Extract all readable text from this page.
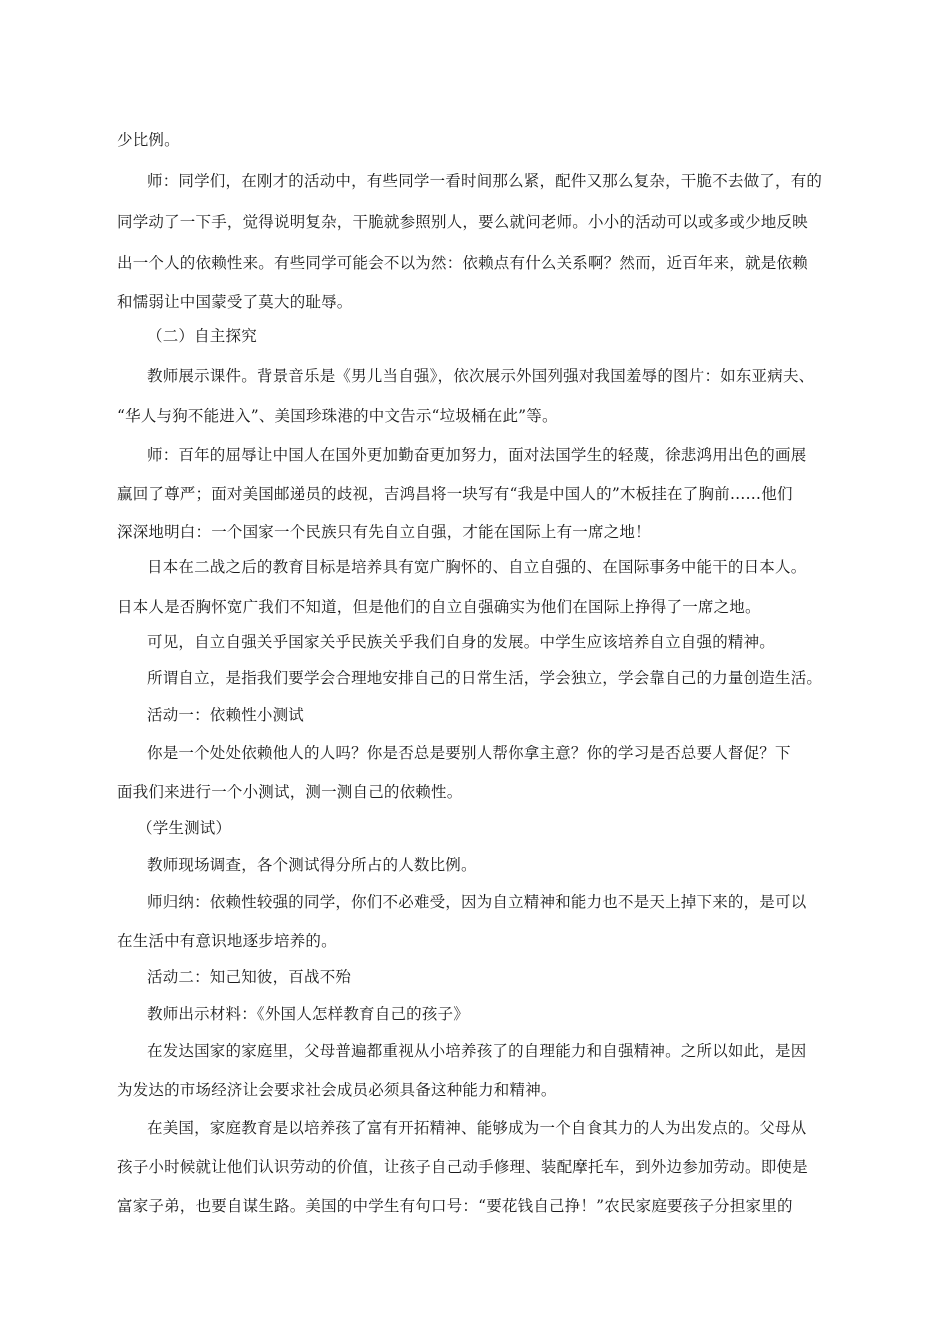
少比例。
师：同学们，在刚才的活动中，有些同学一看时间那么紧，配件又那么复杂，干脆不去做了，有的
同学动了一下手，觉得说明复杂，干脆就参照别人，要么就问老师。小小的活动可以或多或少地反映
出一个人的依赖性来。有些同学可能会不以为然：依赖点有什么关系啊？然而，近百年来，就是依赖
和懦弱让中国蒙受了莫大的耻辱。
（二）自主探究
教师展示课件。背景音乐是《男儿当自强》，依次展示外国列强对我国羞辱的图片：如东亚病夫、
“华人与狗不能进入”、美国珍珠港的中文告示“垃圾桶在此”等。
师：百年的屈辱让中国人在国外更加勤奋更加努力，面对法国学生的轻蔑，徐悲鸿用出色的画展
赢回了尊严；面对美国邮递员的歧视，吉鸿昌将一块写有“我是中国人的”木板挂在了胸前……他们
深深地明白：一个国家一个民族只有先自立自强，才能在国际上有一席之地！
日本在二战之后的教育目标是培养具有宽广胸怀的、自立自强的、在国际事务中能干的日本人。
日本人是否胸怀宽广我们不知道，但是他们的自立自强确实为他们在国际上挣得了一席之地。
可见，自立自强关乎国家关乎民族关乎我们自身的发展。中学生应该培养自立自强的精神。
所谓自立，是指我们要学会合理地安排自己的日常生活，学会独立，学会靠自己的力量创造生活。
活动一：依赖性小测试
你是一个处处依赖他人的人吗？你是否总是要别人帮你拿主意？你的学习是否总要人督促？下
面我们来进行一个小测试，测一测自己的依赖性。
（学生测试）
教师现场调查，各个测试得分所占的人数比例。
师归纳：依赖性较强的同学，你们不必难受，因为自立精神和能力也不是天上掉下来的，是可以
在生活中有意识地逐步培养的。
活动二：知己知彼，百战不殆
教师出示材料：《外国人怎样教育自己的孩子》
在发达国家的家庭里，父母普遍都重视从小培养孩了的自理能力和自强精神。之所以如此，是因
为发达的市场经济让会要求社会成员必须具备这种能力和精神。
在美国，家庭教育是以培养孩了富有开拓精神、能够成为一个自食其力的人为出发点的。父母从
孩子小时候就让他们认识劳动的价值，让孩子自己动手修理、装配摩托车，到外边参加劳动。即使是
富家子弟，也要自谋生路。美国的中学生有句口号：“要花钱自己挣！”农民家庭要孩子分担家里的
